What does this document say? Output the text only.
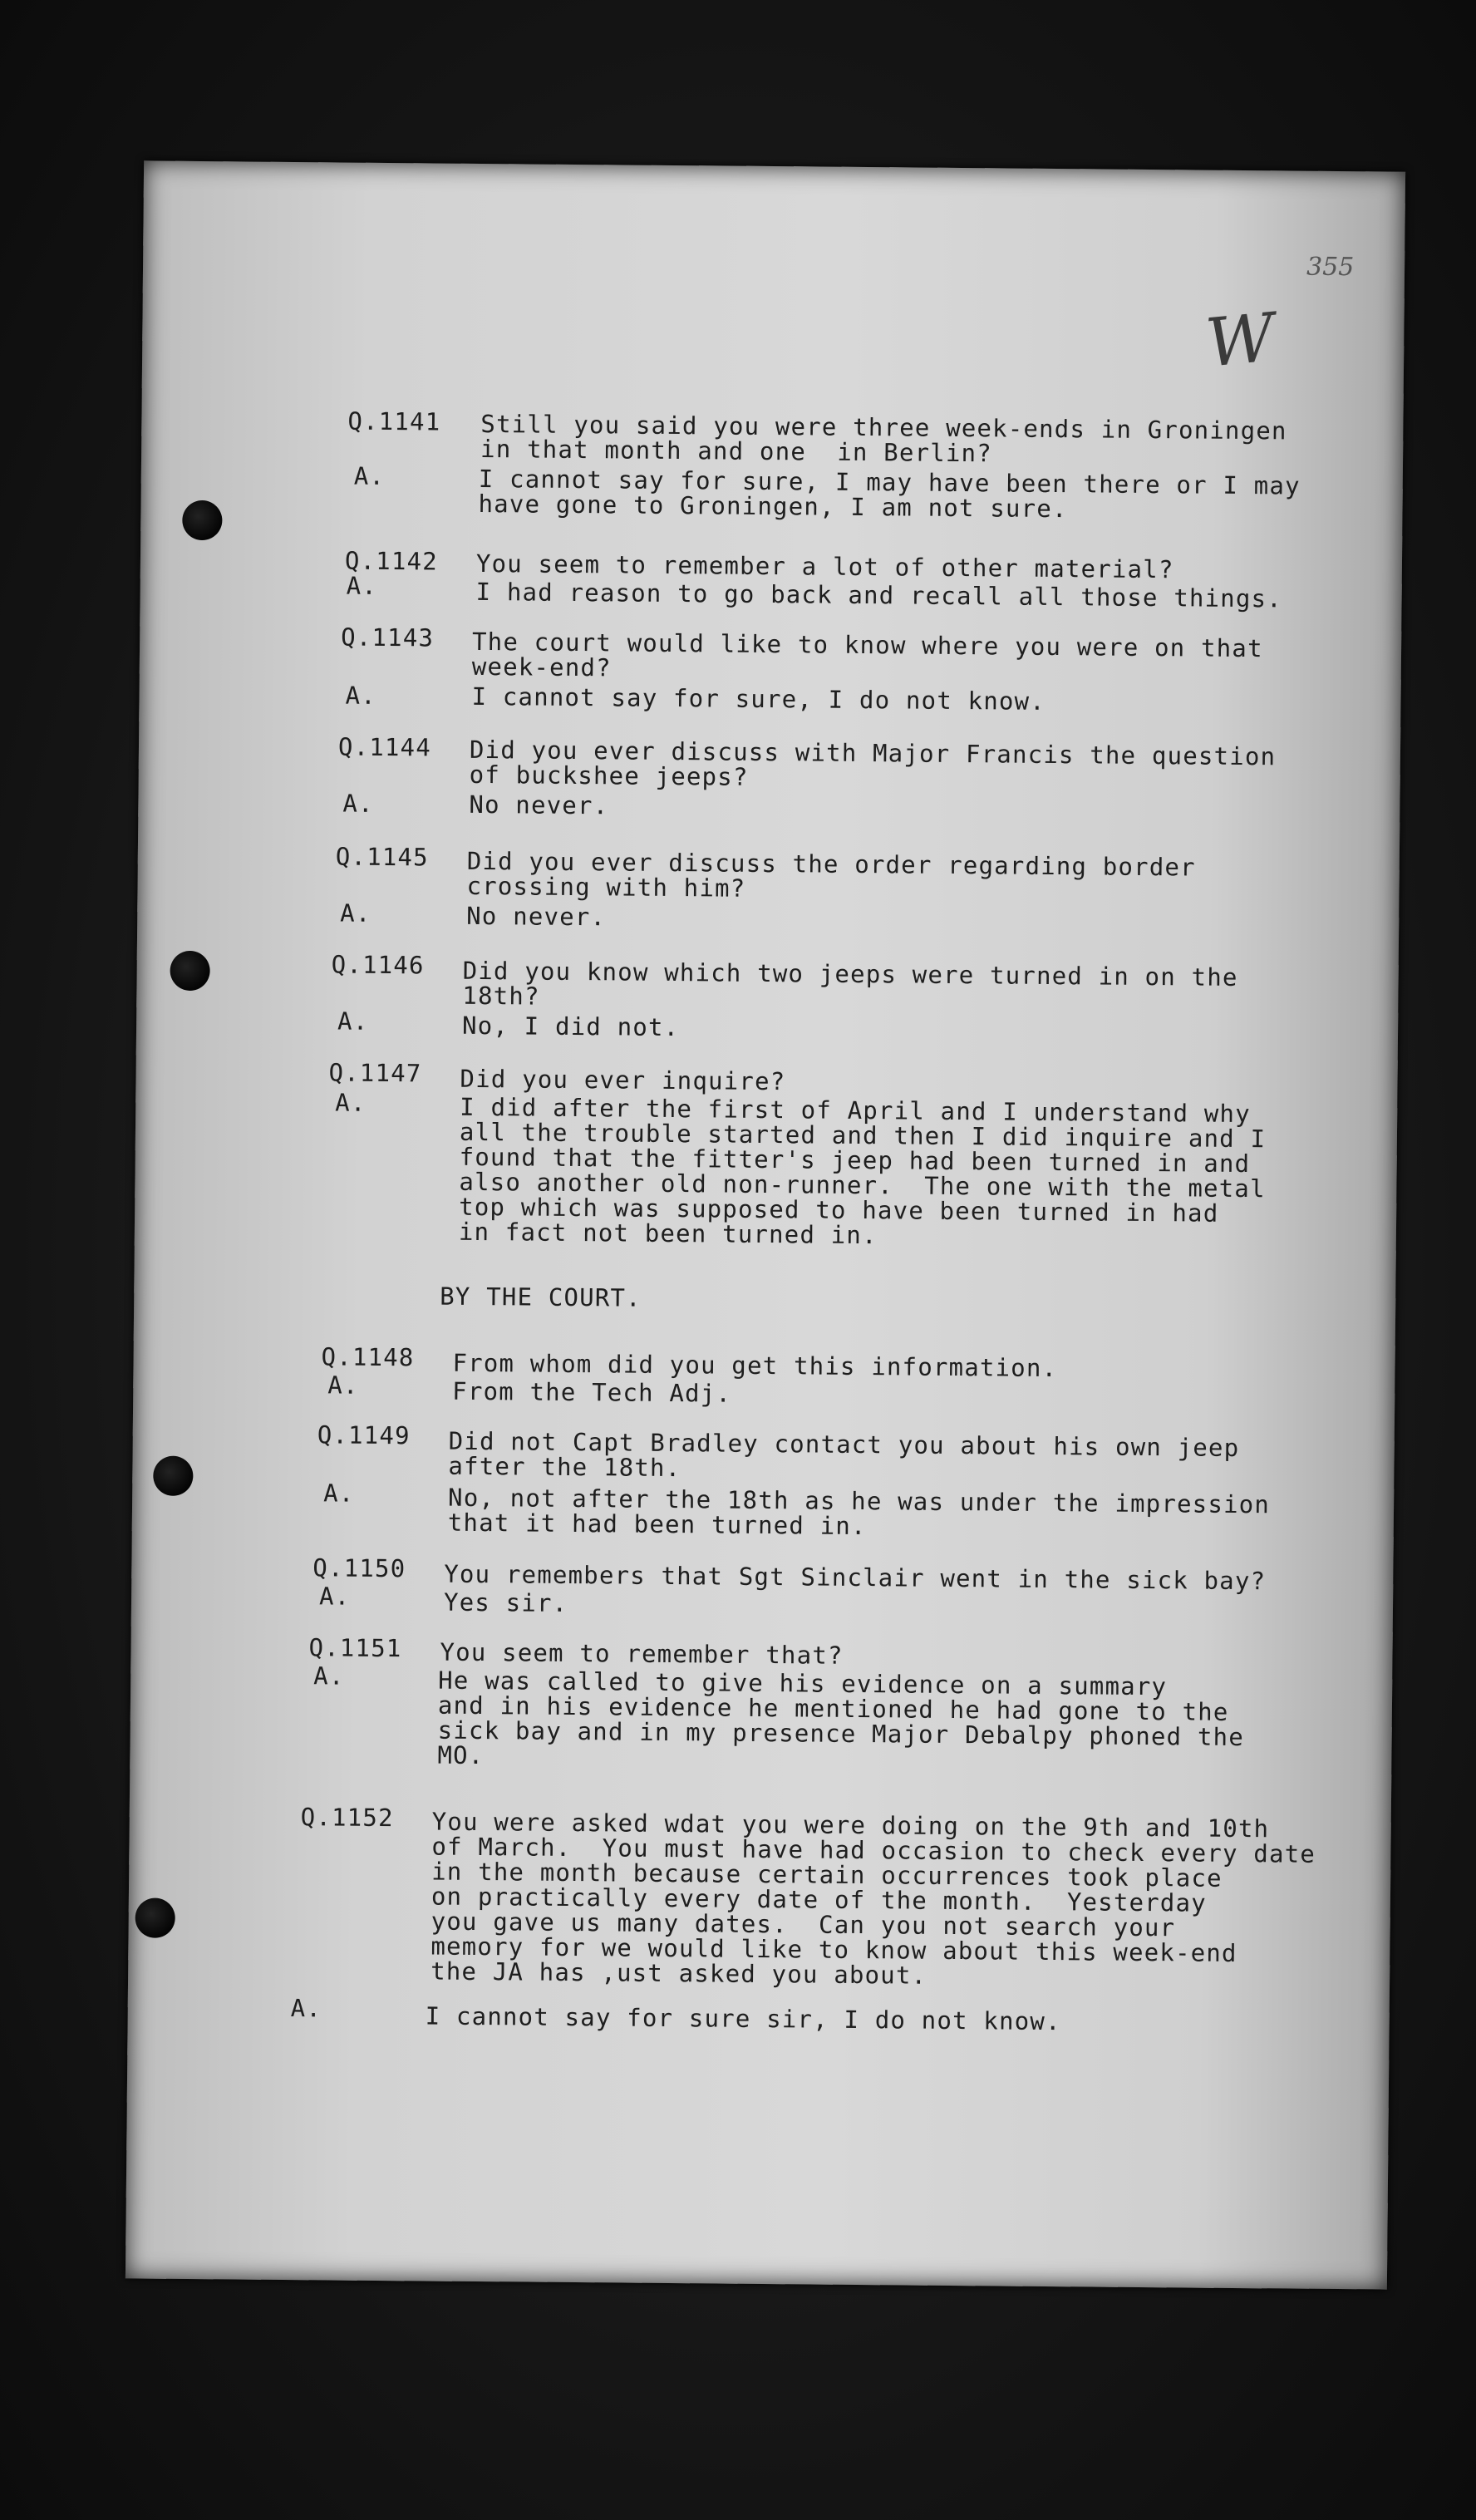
355
W

Q.1141	Still you said you were three week-ends in Groningen
in that month and one  in Berlin?

A.	I cannot say for sure, I may have been there or I may
have gone to Groningen, I am not sure.

Q.1142	You seem to remember a lot of other material?

A.	I had reason to go back and recall all those things.

Q.1143	The court would like to know where you were on that
week-end?

A.	I cannot say for sure, I do not know.

Q.1144	Did you ever discuss with Major Francis the question
of buckshee jeeps?

A.	No never.

Q.1145	Did you ever discuss the order regarding border
crossing with him?

A.	No never.

Q.1146	Did you know which two jeeps were turned in on the
18th?

A.	No, I did not.

Q.1147	Did you ever inquire?

A.	I did after the first of April and I understand why
all the trouble started and then I did inquire and I
found that the fitter's jeep had been turned in and
also another old non-runner.  The one with the metal
top which was supposed to have been turned in had
in fact not been turned in.

BY THE COURT.

Q.1148	From whom did you get this information.

A.	From the Tech Adj.

Q.1149	Did not Capt Bradley contact you about his own jeep
after the 18th.

A.	No, not after the 18th as he was under the impression
that it had been turned in.

Q.1150	You remembers that Sgt Sinclair went in the sick bay?

A.	Yes sir.

Q.1151	You seem to remember that?

A.	He was called to give his evidence on a summary
and in his evidence he mentioned he had gone to the
sick bay and in my presence Major Debalpy phoned the
MO.

Q.1152	You were asked wdat you were doing on the 9th and 10th
of March.  You must have had occasion to check every date
in the month because certain occurrences took place
on practically every date of the month.  Yesterday
you gave us many dates.  Can you not search your
memory for we would like to know about this week-end
the JA has ,ust asked you about.

A.	I cannot say for sure sir, I do not know.
